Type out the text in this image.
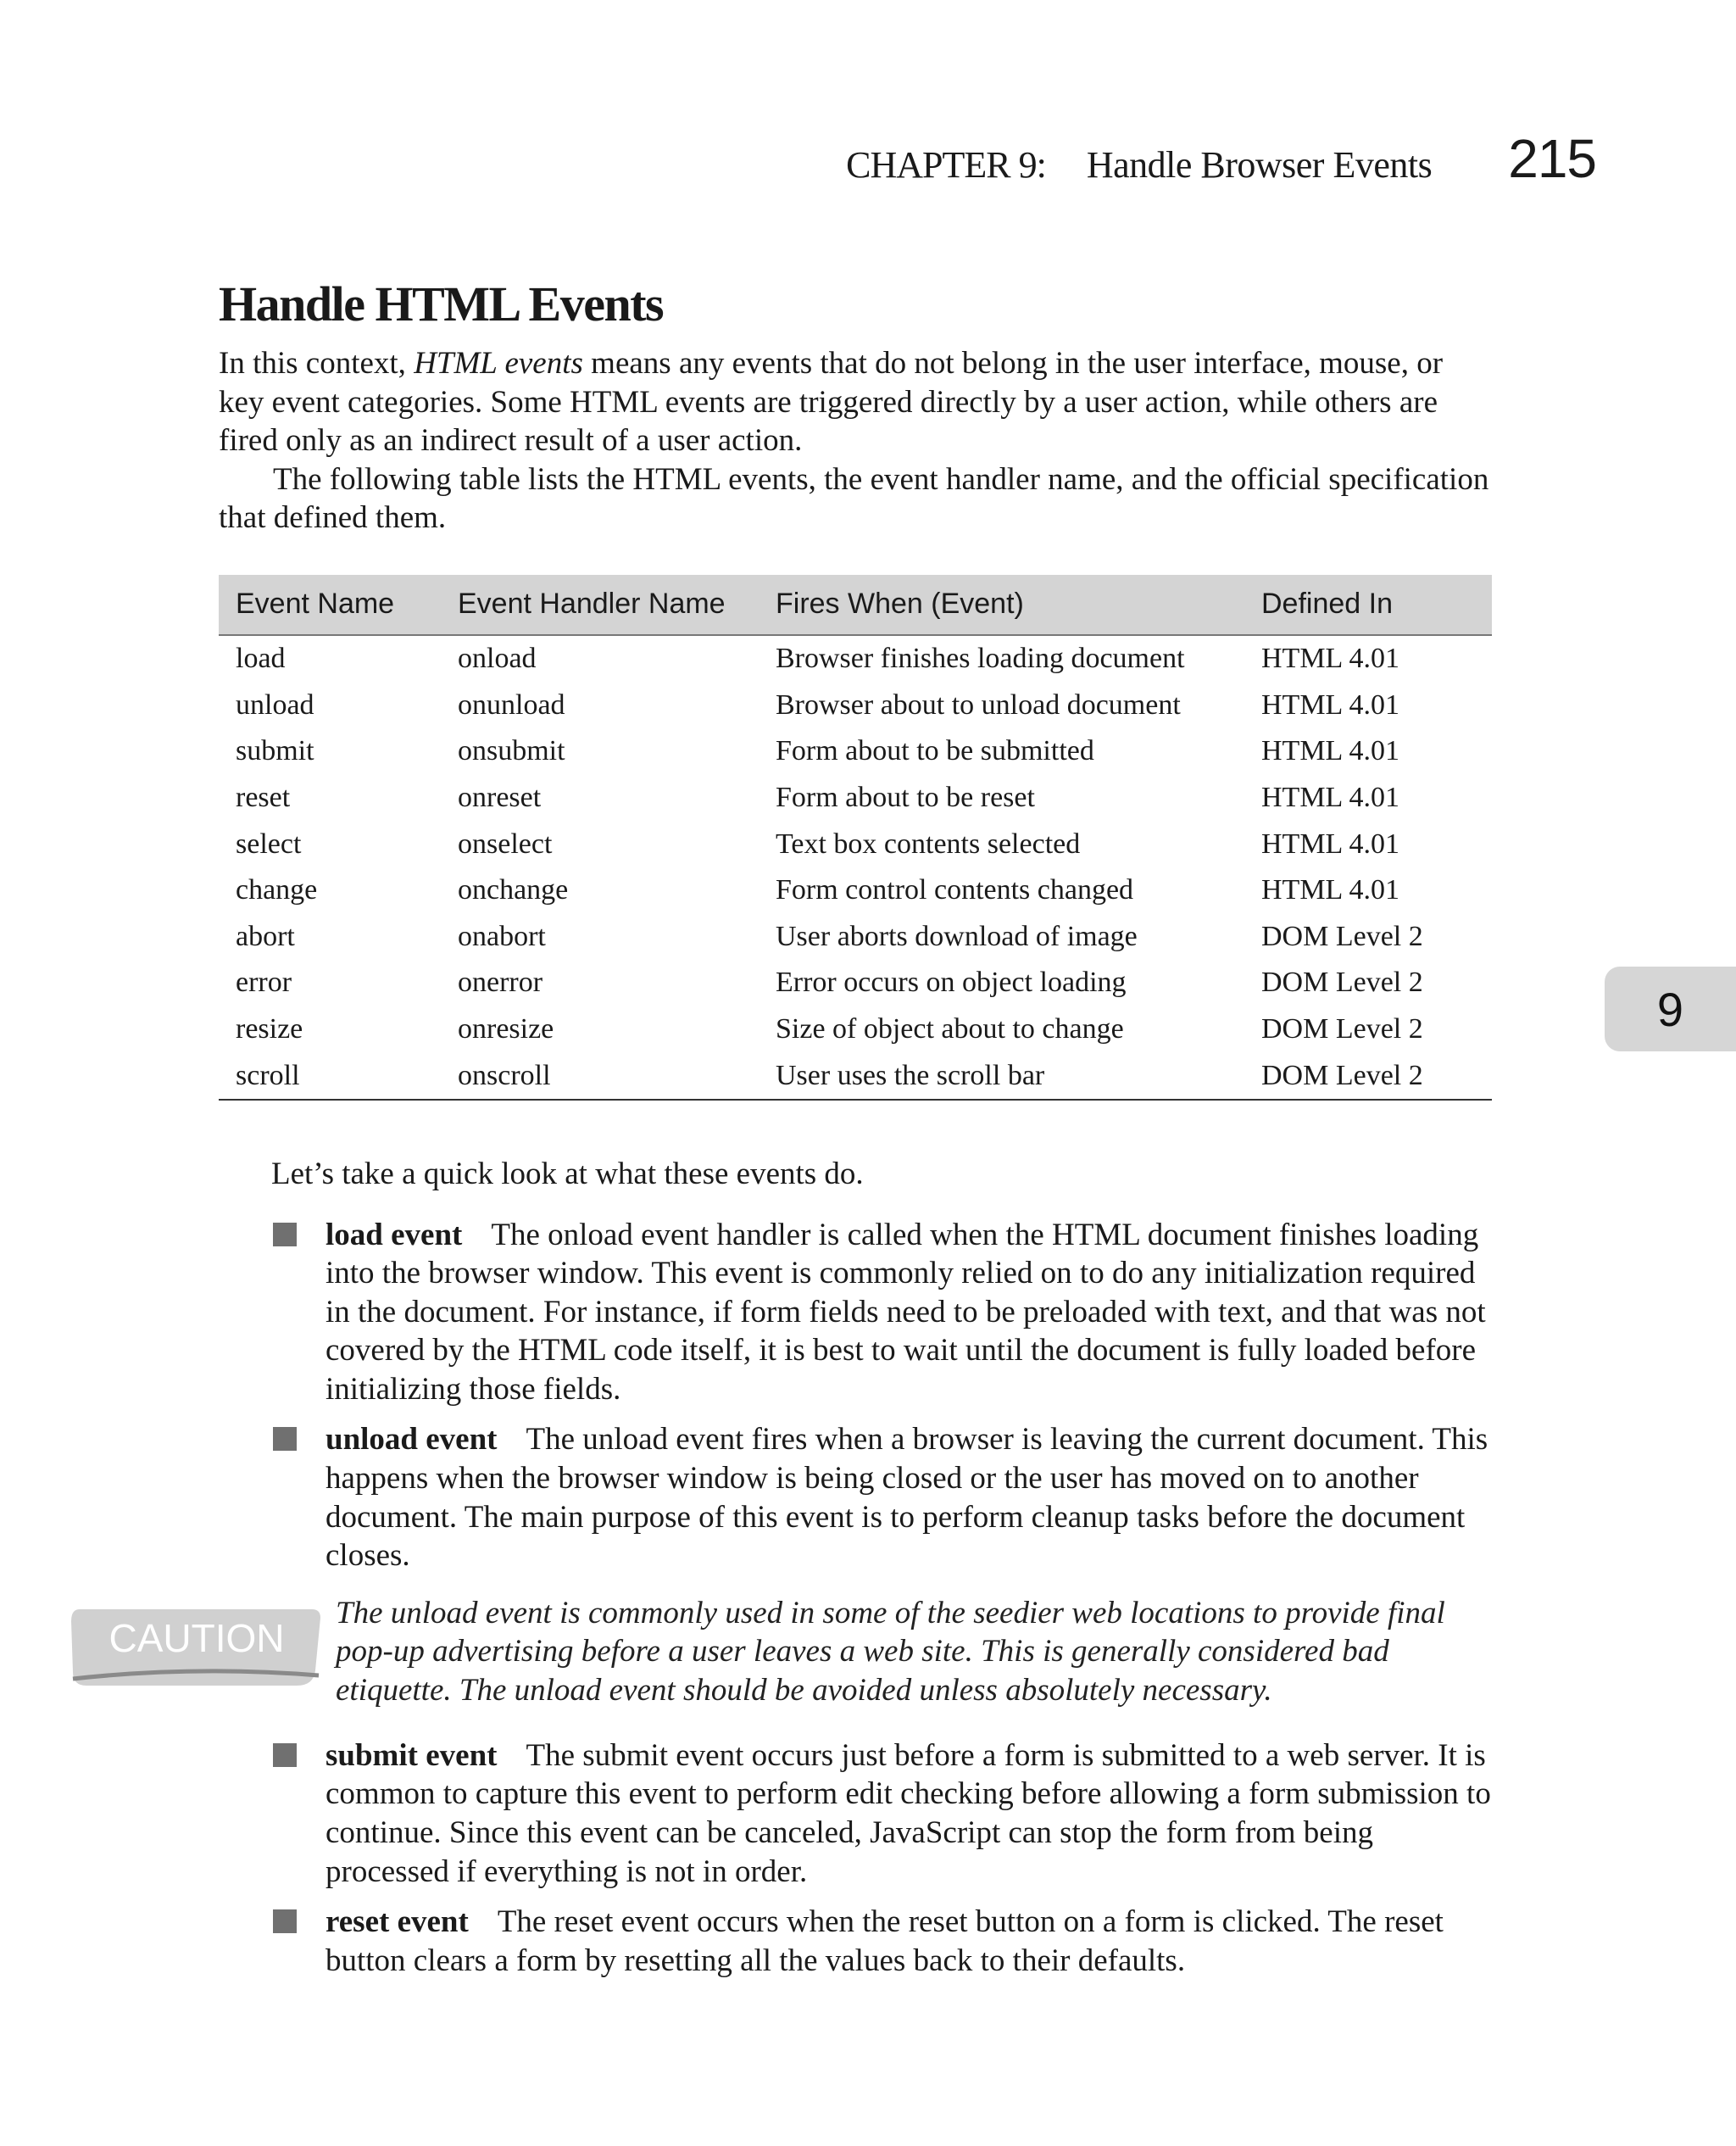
CHAPTER 9: Handle Browser Events 215
9
Handle HTML Events

In this context, HTML events means any events that do not belong in the user interface, mouse, or key event categories. Some HTML events are triggered directly by a user action, while others are fired only as an indirect result of a user action.

The following table lists the HTML events, the event handler name, and the official specification that defined them.

Event Name	Event Handler Name	Fires When (Event)	Defined In
load	onload	Browser finishes loading document	HTML 4.01
unload	onunload	Browser about to unload document	HTML 4.01
submit	onsubmit	Form about to be submitted	HTML 4.01
reset	onreset	Form about to be reset	HTML 4.01
select	onselect	Text box contents selected	HTML 4.01
change	onchange	Form control contents changed	HTML 4.01
abort	onabort	User aborts download of image	DOM Level 2
error	onerror	Error occurs on object loading	DOM Level 2
resize	onresize	Size of object about to change	DOM Level 2
scroll	onscroll	User uses the scroll bar	DOM Level 2

Let’s take a quick look at what these events do.

load event The onload event handler is called when the HTML document finishes loading into the browser window. This event is commonly relied on to do any initialization required in the document. For instance, if form fields need to be preloaded with text, and that was not covered by the HTML code itself, it is best to wait until the document is fully loaded before initializing those fields.
unload event The unload event fires when a browser is leaving the current document. This happens when the browser window is being closed or the user has moved on to another document. The main purpose of this event is to perform cleanup tasks before the document closes.
CAUTION
The unload event is commonly used in some of the seedier web locations to provide final pop-up advertising before a user leaves a web site. This is generally considered bad etiquette. The unload event should be avoided unless absolutely necessary.
submit event The submit event occurs just before a form is submitted to a web server. It is common to capture this event to perform edit checking before allowing a form submission to continue. Since this event can be canceled, JavaScript can stop the form from being processed if everything is not in order.
reset event The reset event occurs when the reset button on a form is clicked. The reset button clears a form by resetting all the values back to their defaults.
